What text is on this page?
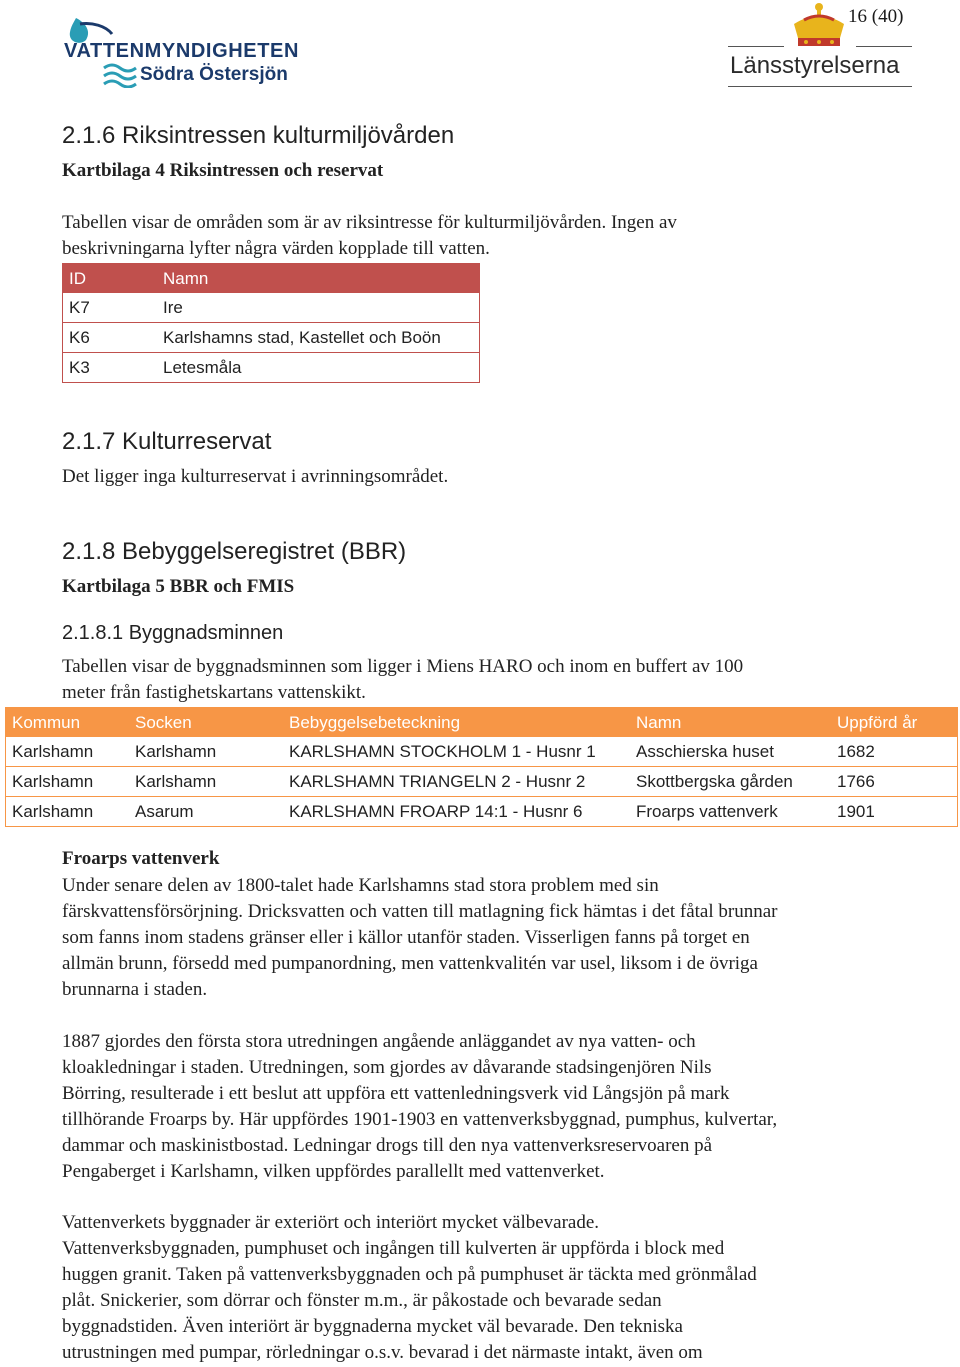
VATTENMYNDIGHETEN
Södra Östersjön
16 (40)
Länsstyrelserna
2.1.6 Riksintressen kulturmiljövården
Kartbilaga 4 Riksintressen och reservat
Tabellen visar de områden som är av riksintresse för kulturmiljövården. Ingen av
beskrivningarna lyfter några värden kopplade till vatten.
ID	Namn
K7	Ire
K6	Karlshamns stad, Kastellet och Boön
K3	Letesmåla
2.1.7 Kulturreservat
Det ligger inga kulturreservat i avrinningsområdet.
2.1.8 Bebyggelseregistret (BBR)
Kartbilaga 5 BBR och FMIS
2.1.8.1 Byggnadsminnen
Tabellen visar de byggnadsminnen som ligger i Miens HARO och inom en buffert av 100
meter från fastighetskartans vattenskikt.
Kommun	Socken	Bebyggelsebeteckning	Namn	Uppförd år
Karlshamn	Karlshamn	KARLSHAMN STOCKHOLM 1 - Husnr 1	Asschierska huset	1682
Karlshamn	Karlshamn	KARLSHAMN TRIANGELN 2 - Husnr 2	Skottbergska gården	1766
Karlshamn	Asarum	KARLSHAMN FROARP 14:1 - Husnr 6	Froarps vattenverk	1901
Froarps vattenverk
Under senare delen av 1800-talet hade Karlshamns stad stora problem med sin
färskvattensförsörjning. Dricksvatten och vatten till matlagning fick hämtas i det fåtal brunnar
som fanns inom stadens gränser eller i källor utanför staden. Visserligen fanns på torget en
allmän brunn, försedd med pumpanordning, men vattenkvalitén var usel, liksom i de övriga
brunnarna i staden.
1887 gjordes den första stora utredningen angående anläggandet av nya vatten- och
kloakledningar i staden. Utredningen, som gjordes av dåvarande stadsingenjören Nils
Börring, resulterade i ett beslut att uppföra ett vattenledningsverk vid Långsjön på mark
tillhörande Froarps by. Här uppfördes 1901-1903 en vattenverksbyggnad, pumphus, kulvertar,
dammar och maskinistbostad. Ledningar drogs till den nya vattenverksreservoaren på
Pengaberget i Karlshamn, vilken uppfördes parallellt med vattenverket.
Vattenverkets byggnader är exteriört och interiört mycket välbevarade.
Vattenverksbyggnaden, pumphuset och ingången till kulverten är uppförda i block med
huggen granit. Taken på vattenverksbyggnaden och på pumphuset är täckta med grönmålad
plåt. Snickerier, som dörrar och fönster m.m., är påkostade och bevarade sedan
byggnadstiden. Även interiört är byggnaderna mycket väl bevarade. Den tekniska
utrustningen med pumpar, rörledningar o.s.v. bevarad i det närmaste intakt, även om
